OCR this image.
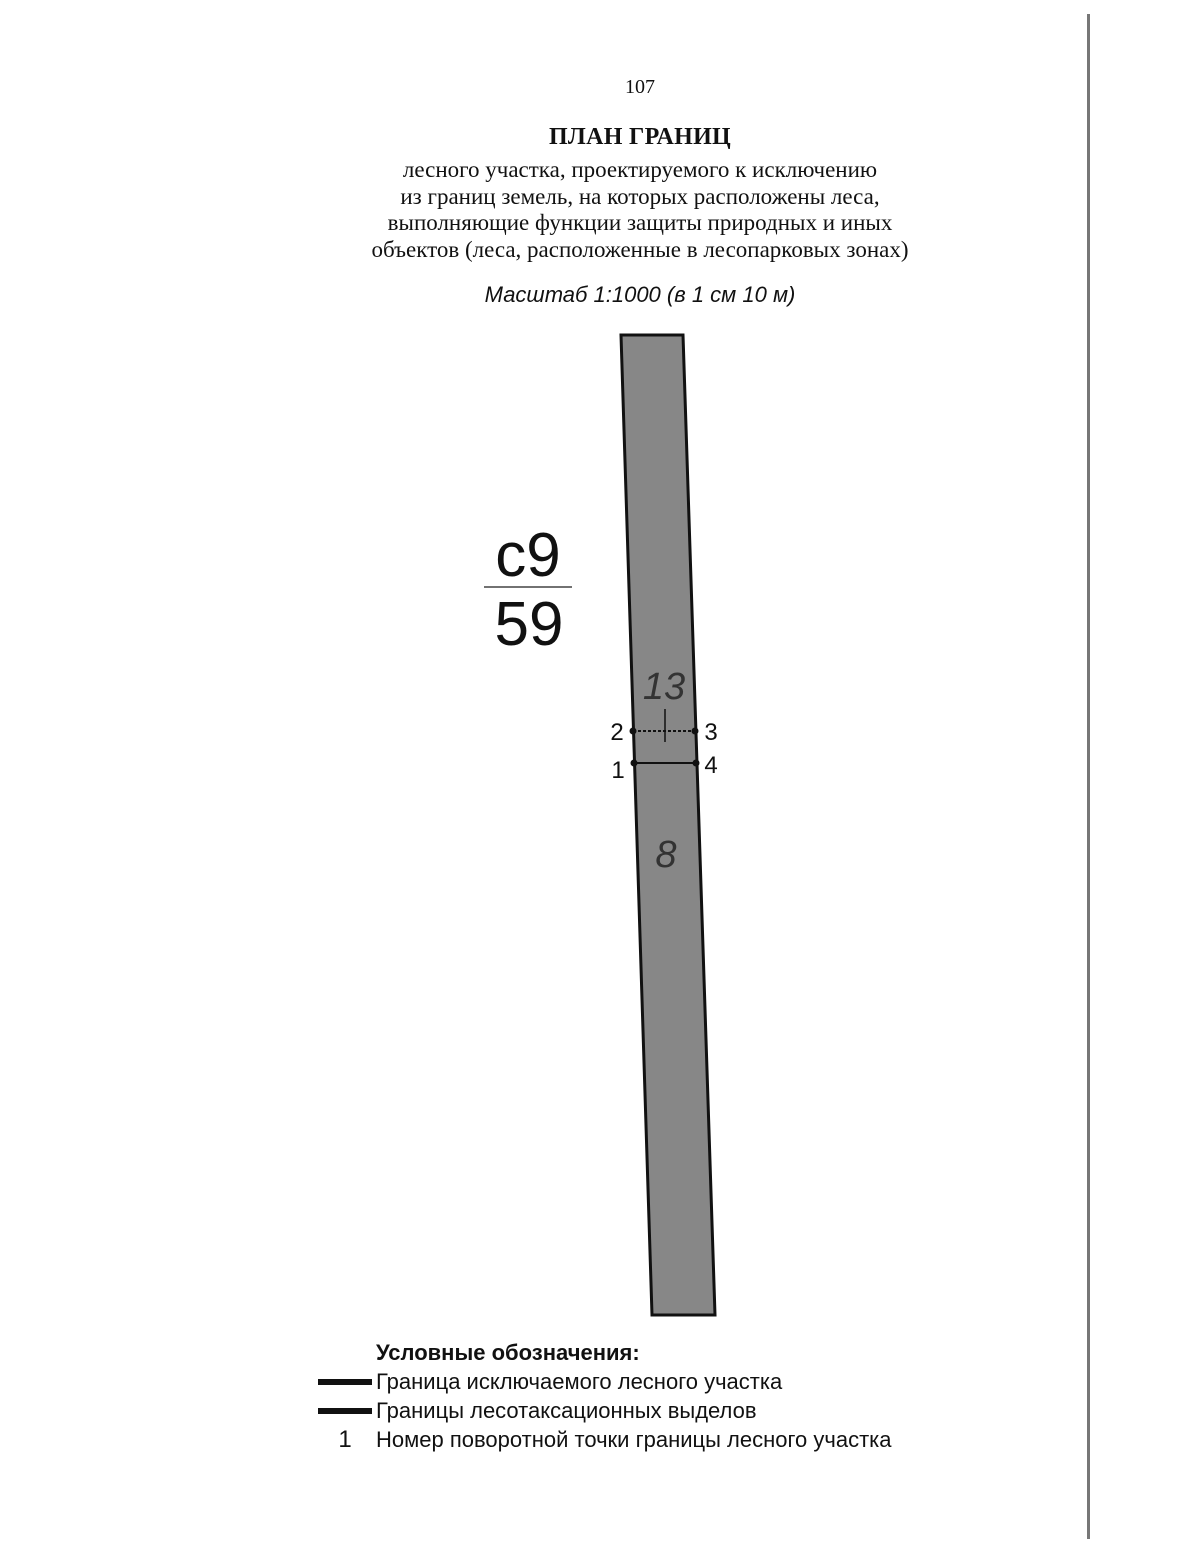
107
ПЛАН ГРАНИЦ
лесного участка, проектируемого к исключению
из границ земель, на которых расположены леса,
выполняющие функции защиты природных и иных
объектов (леса, расположенные в лесопарковых зонах)
Масштаб 1:1000 (в 1 см 10 м)
с9
59
13
8
2	3
1	4
Условные обозначения:
Граница исключаемого лесного участка
Границы лесотаксационных выделов
1	Номер поворотной точки границы лесного участка
